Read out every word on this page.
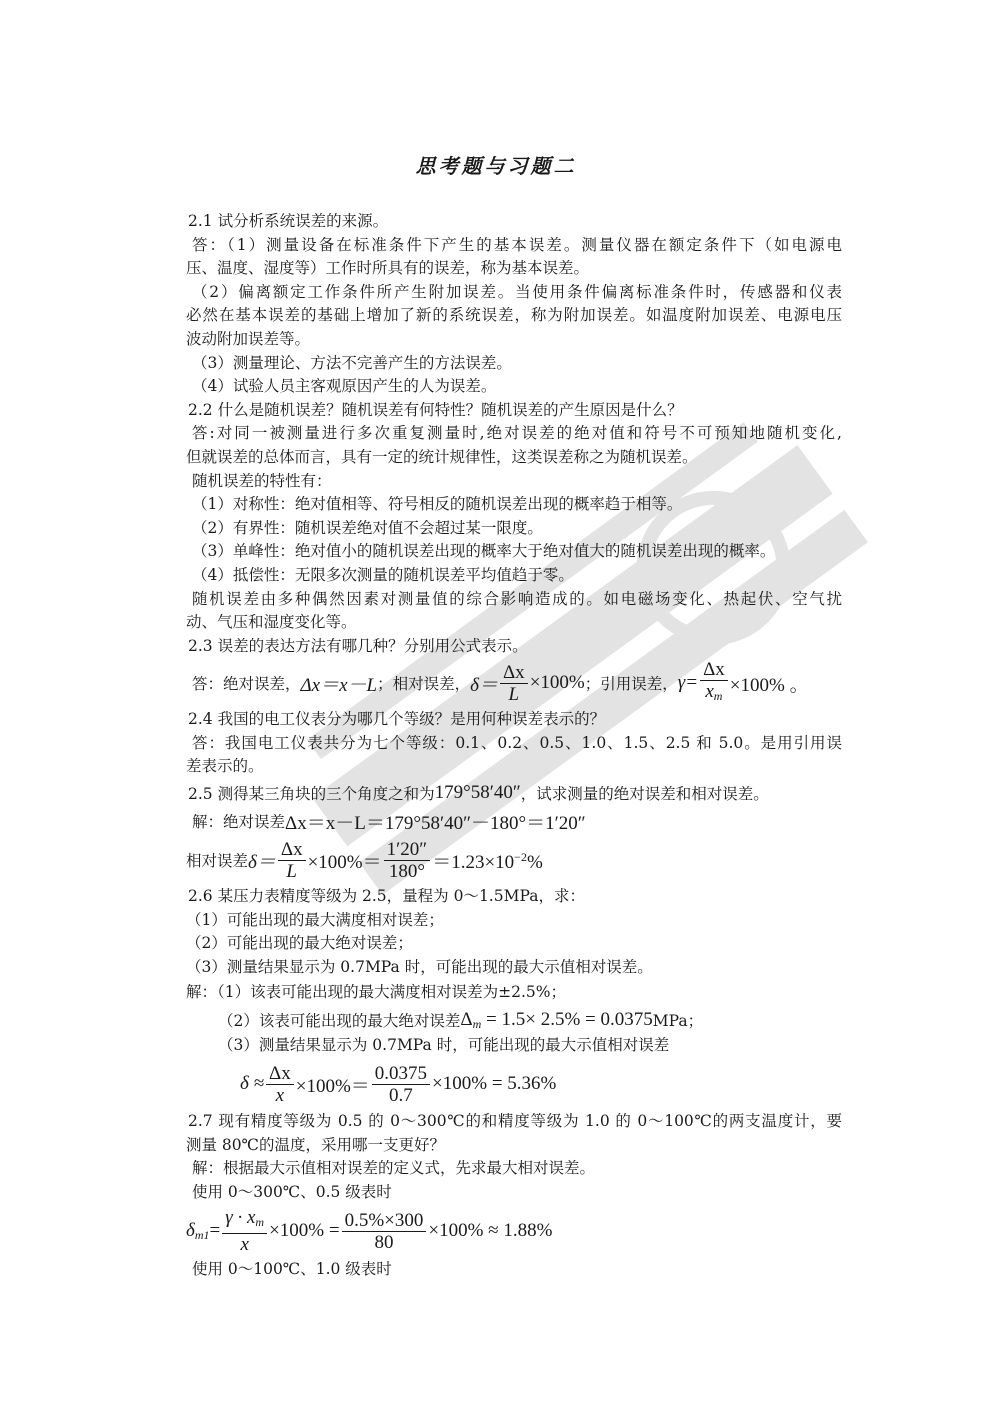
思考题与习题二
2.1 试分析系统误差的来源。
答：（1）测量设备在标准条件下产生的基本误差。测量仪器在额定条件下（如电源电
压、温度、湿度等）工作时所具有的误差，称为基本误差。
（2）偏离额定工作条件所产生附加误差。当使用条件偏离标准条件时，传感器和仪表
必然在基本误差的基础上增加了新的系统误差，称为附加误差。如温度附加误差、电源电压
波动附加误差等。
（3）测量理论、方法不完善产生的方法误差。
（4）试验人员主客观原因产生的人为误差。
2.2 什么是随机误差？随机误差有何特性？随机误差的产生原因是什么？
答:对同一被测量进行多次重复测量时,绝对误差的绝对值和符号不可预知地随机变化,
但就误差的总体而言，具有一定的统计规律性，这类误差称之为随机误差。
随机误差的特性有：
（1）对称性：绝对值相等、符号相反的随机误差出现的概率趋于相等。
（2）有界性：随机误差绝对值不会超过某一限度。
（3）单峰性：绝对值小的随机误差出现的概率大于绝对值大的随机误差出现的概率。
（4）抵偿性：无限多次测量的随机误差平均值趋于零。
随机误差由多种偶然因素对测量值的综合影响造成的。如电磁场变化、热起伏、空气扰
动、气压和湿度变化等。
2.3 误差的表达方法有哪几种？分别用公式表示。
答：绝对误差， Δx＝x－L ；相对误差， $\delta= \frac{\Delta x}{L} \times 100\%$ ；引用误差， $\gamma= \frac{\Delta x}{x_m} \times 100\%$ 。
2.4 我国的电工仪表分为哪几个等级？是用何种误差表示的？
答：我国电工仪表共分为七个等级：0.1、0.2、0.5、1.0、1.5、2.5 和 5.0。是用引用误
差表示的。
2.5 测得某三角块的三个角度之和为 179°58′40″ ，试求测量的绝对误差和相对误差。
解：绝对误差 Δx＝x－L＝179°58′40″－180°＝1′20″
相对误差 $\delta= \frac{\Delta x}{L} \times 100\%= \frac{1'20''}{180^\circ} =1.23\times 10^{-2}\%$
2.6 某压力表精度等级为 2.5，量程为 0～1.5MPa，求：
（1）可能出现的最大满度相对误差；
（2）可能出现的最大绝对误差；
（3）测量结果显示为 0.7MPa 时，可能出现的最大示值相对误差。
解：（1）该表可能出现的最大满度相对误差为±2.5%；
（2）该表可能出现的最大绝对误差 $\Delta_m = 1.5\times 2.5\% = 0.0375$ MPa；
（3）测量结果显示为 0.7MPa 时，可能出现的最大示值相对误差
$\delta \approx \frac{\Delta x}{x} \times 100\%= \frac{0.0375}{0.7} \times 100\% = 5.36\%$
2.7 现有精度等级为 0.5 的 0～300℃的和精度等级为 1.0 的 0～100℃的两支温度计，要
测量 80℃的温度，采用哪一支更好？
解：根据最大示值相对误差的定义式，先求最大相对误差。
使用 0～300℃、0.5 级表时
$\delta_{m1} = \frac{\gamma \cdot x_m}{x} \times 100\% = \frac{0.5\%\times 300}{80} \times 100\% \approx 1.88\%$
使用 0～100℃、1.0 级表时
